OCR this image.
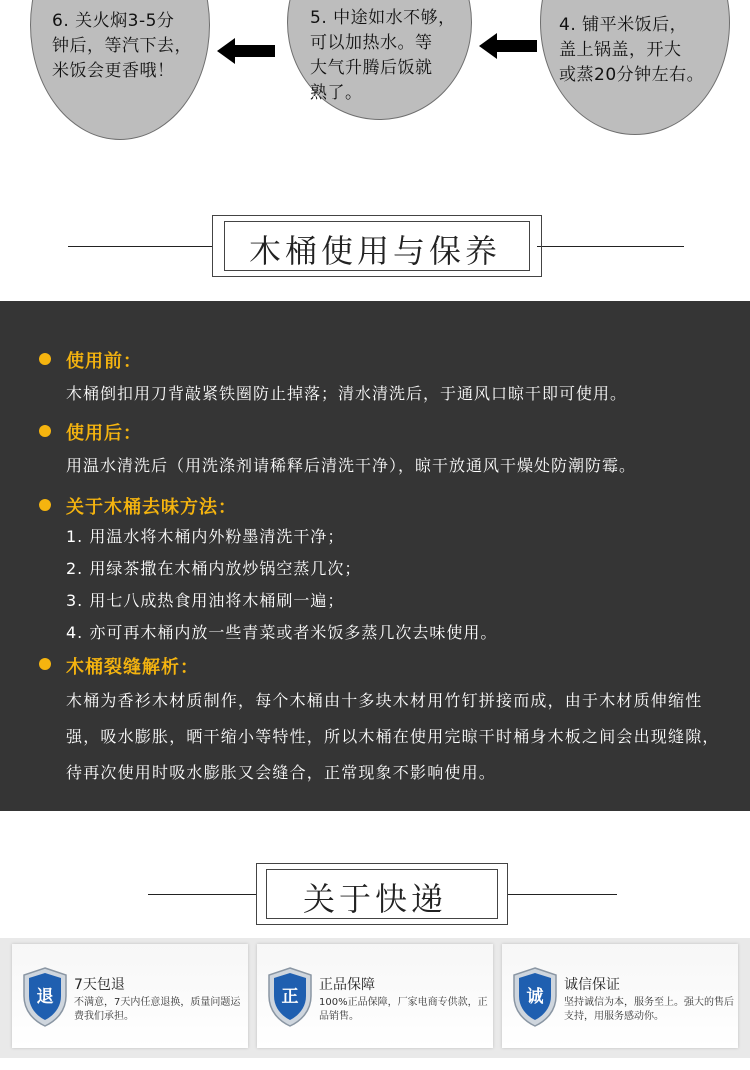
6. 关火焖3-5分
钟后，等汽下去，
米饭会更香哦！
5. 中途如水不够，
可以加热水。等
大气升腾后饭就
熟了。
4. 铺平米饭后，
盖上锅盖，开大
或蒸20分钟左右。
木桶使用与保养
使用前：
木桶倒扣用刀背敲紧铁圈防止掉落；清水清洗后，于通风口晾干即可使用。
使用后：
用温水清洗后（用洗涤剂请稀释后清洗干净），晾干放通风干燥处防潮防霉。
关于木桶去味方法：
1. 用温水将木桶内外粉墨清洗干净；
2. 用绿茶撒在木桶内放炒锅空蒸几次；
3. 用七八成热食用油将木桶刷一遍；
4. 亦可再木桶内放一些青菜或者米饭多蒸几次去味使用。
木桶裂缝解析：
木桶为香衫木材质制作，每个木桶由十多块木材用竹钉拼接而成，由于木材质伸缩性强，吸水膨胀，晒干缩小等特性，所以木桶在使用完晾干时桶身木板之间会出现缝隙，待再次使用时吸水膨胀又会缝合，正常现象不影响使用。
关于快递
退
7天包退
不满意，7天内任意退换，质量问题运费我们承担。
正
正品保障
100%正品保障，厂家电商专供款，正品销售。
诚
诚信保证
坚持诚信为本，服务至上。强大的售后支持，用服务感动你。
